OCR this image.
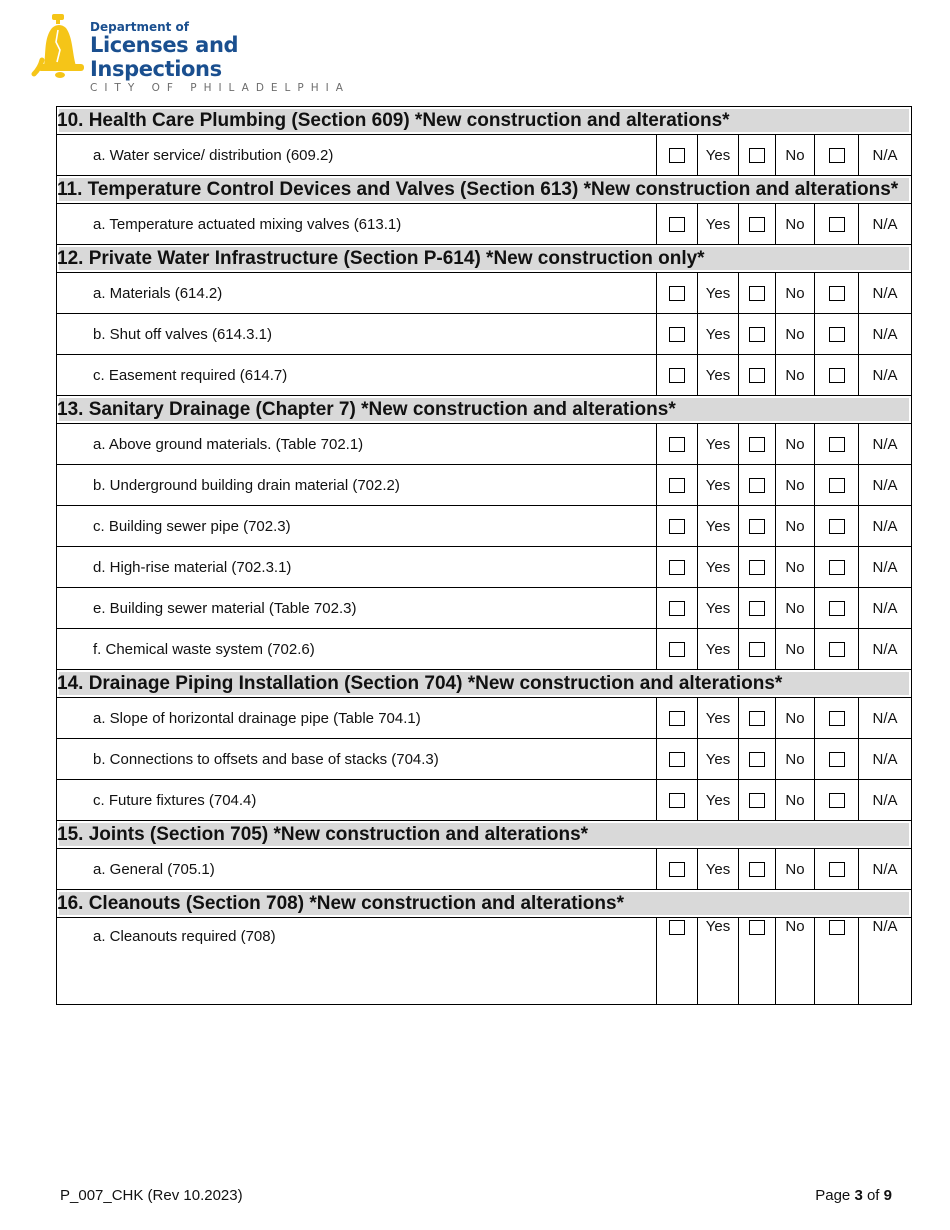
Department of
Licenses and Inspections
CITY OF PHILADELPHIA
10. Health Care Plumbing (Section 609) *New construction and alterations*						
a. Water service/ distribution (609.2)		Yes		No		N/A
11. Temperature Control Devices and Valves (Section 613) *New construction and alterations*						
a. Temperature actuated mixing valves (613.1)		Yes		No		N/A
12. Private Water Infrastructure (Section P-614) *New construction only*						
a. Materials (614.2)		Yes		No		N/A
b. Shut off valves (614.3.1)		Yes		No		N/A
c. Easement required (614.7)		Yes		No		N/A
13. Sanitary Drainage (Chapter 7) *New construction and alterations*						
a. Above ground materials. (Table 702.1)		Yes		No		N/A
b. Underground building drain material (702.2)		Yes		No		N/A
c. Building sewer pipe (702.3)		Yes		No		N/A
d. High-rise material (702.3.1)		Yes		No		N/A
e. Building sewer material (Table 702.3)		Yes		No		N/A
f. Chemical waste system (702.6)		Yes		No		N/A
14. Drainage Piping Installation (Section 704) *New construction and alterations*						
a. Slope of horizontal drainage pipe (Table 704.1)		Yes		No		N/A
b. Connections to offsets and base of stacks (704.3)		Yes		No		N/A
c. Future fixtures (704.4)		Yes		No		N/A
15. Joints (Section 705) *New construction and alterations*						
a. General (705.1)		Yes		No		N/A
16. Cleanouts (Section 708) *New construction and alterations*						
a. Cleanouts required (708)		Yes		No		N/A
P_007_CHK (Rev 10.2023)	Page 3 of 9
